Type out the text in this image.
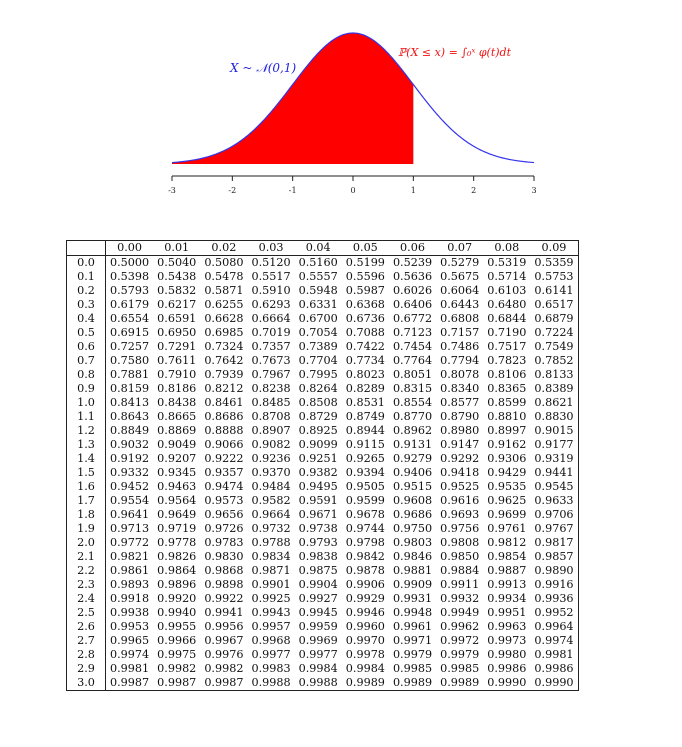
-3	-2	-1	0	1	2	3
X ~ 𝒩(0,1)
ℙ(X ≤ x) = ∫₀ˣ φ(t)dt
	0.00	0.01	0.02	0.03	0.04	0.05	0.06	0.07	0.08	0.09
0.0	0.5000	0.5040	0.5080	0.5120	0.5160	0.5199	0.5239	0.5279	0.5319	0.5359
0.1	0.5398	0.5438	0.5478	0.5517	0.5557	0.5596	0.5636	0.5675	0.5714	0.5753
0.2	0.5793	0.5832	0.5871	0.5910	0.5948	0.5987	0.6026	0.6064	0.6103	0.6141
0.3	0.6179	0.6217	0.6255	0.6293	0.6331	0.6368	0.6406	0.6443	0.6480	0.6517
0.4	0.6554	0.6591	0.6628	0.6664	0.6700	0.6736	0.6772	0.6808	0.6844	0.6879
0.5	0.6915	0.6950	0.6985	0.7019	0.7054	0.7088	0.7123	0.7157	0.7190	0.7224
0.6	0.7257	0.7291	0.7324	0.7357	0.7389	0.7422	0.7454	0.7486	0.7517	0.7549
0.7	0.7580	0.7611	0.7642	0.7673	0.7704	0.7734	0.7764	0.7794	0.7823	0.7852
0.8	0.7881	0.7910	0.7939	0.7967	0.7995	0.8023	0.8051	0.8078	0.8106	0.8133
0.9	0.8159	0.8186	0.8212	0.8238	0.8264	0.8289	0.8315	0.8340	0.8365	0.8389
1.0	0.8413	0.8438	0.8461	0.8485	0.8508	0.8531	0.8554	0.8577	0.8599	0.8621
1.1	0.8643	0.8665	0.8686	0.8708	0.8729	0.8749	0.8770	0.8790	0.8810	0.8830
1.2	0.8849	0.8869	0.8888	0.8907	0.8925	0.8944	0.8962	0.8980	0.8997	0.9015
1.3	0.9032	0.9049	0.9066	0.9082	0.9099	0.9115	0.9131	0.9147	0.9162	0.9177
1.4	0.9192	0.9207	0.9222	0.9236	0.9251	0.9265	0.9279	0.9292	0.9306	0.9319
1.5	0.9332	0.9345	0.9357	0.9370	0.9382	0.9394	0.9406	0.9418	0.9429	0.9441
1.6	0.9452	0.9463	0.9474	0.9484	0.9495	0.9505	0.9515	0.9525	0.9535	0.9545
1.7	0.9554	0.9564	0.9573	0.9582	0.9591	0.9599	0.9608	0.9616	0.9625	0.9633
1.8	0.9641	0.9649	0.9656	0.9664	0.9671	0.9678	0.9686	0.9693	0.9699	0.9706
1.9	0.9713	0.9719	0.9726	0.9732	0.9738	0.9744	0.9750	0.9756	0.9761	0.9767
2.0	0.9772	0.9778	0.9783	0.9788	0.9793	0.9798	0.9803	0.9808	0.9812	0.9817
2.1	0.9821	0.9826	0.9830	0.9834	0.9838	0.9842	0.9846	0.9850	0.9854	0.9857
2.2	0.9861	0.9864	0.9868	0.9871	0.9875	0.9878	0.9881	0.9884	0.9887	0.9890
2.3	0.9893	0.9896	0.9898	0.9901	0.9904	0.9906	0.9909	0.9911	0.9913	0.9916
2.4	0.9918	0.9920	0.9922	0.9925	0.9927	0.9929	0.9931	0.9932	0.9934	0.9936
2.5	0.9938	0.9940	0.9941	0.9943	0.9945	0.9946	0.9948	0.9949	0.9951	0.9952
2.6	0.9953	0.9955	0.9956	0.9957	0.9959	0.9960	0.9961	0.9962	0.9963	0.9964
2.7	0.9965	0.9966	0.9967	0.9968	0.9969	0.9970	0.9971	0.9972	0.9973	0.9974
2.8	0.9974	0.9975	0.9976	0.9977	0.9977	0.9978	0.9979	0.9979	0.9980	0.9981
2.9	0.9981	0.9982	0.9982	0.9983	0.9984	0.9984	0.9985	0.9985	0.9986	0.9986
3.0	0.9987	0.9987	0.9987	0.9988	0.9988	0.9989	0.9989	0.9989	0.9990	0.9990
